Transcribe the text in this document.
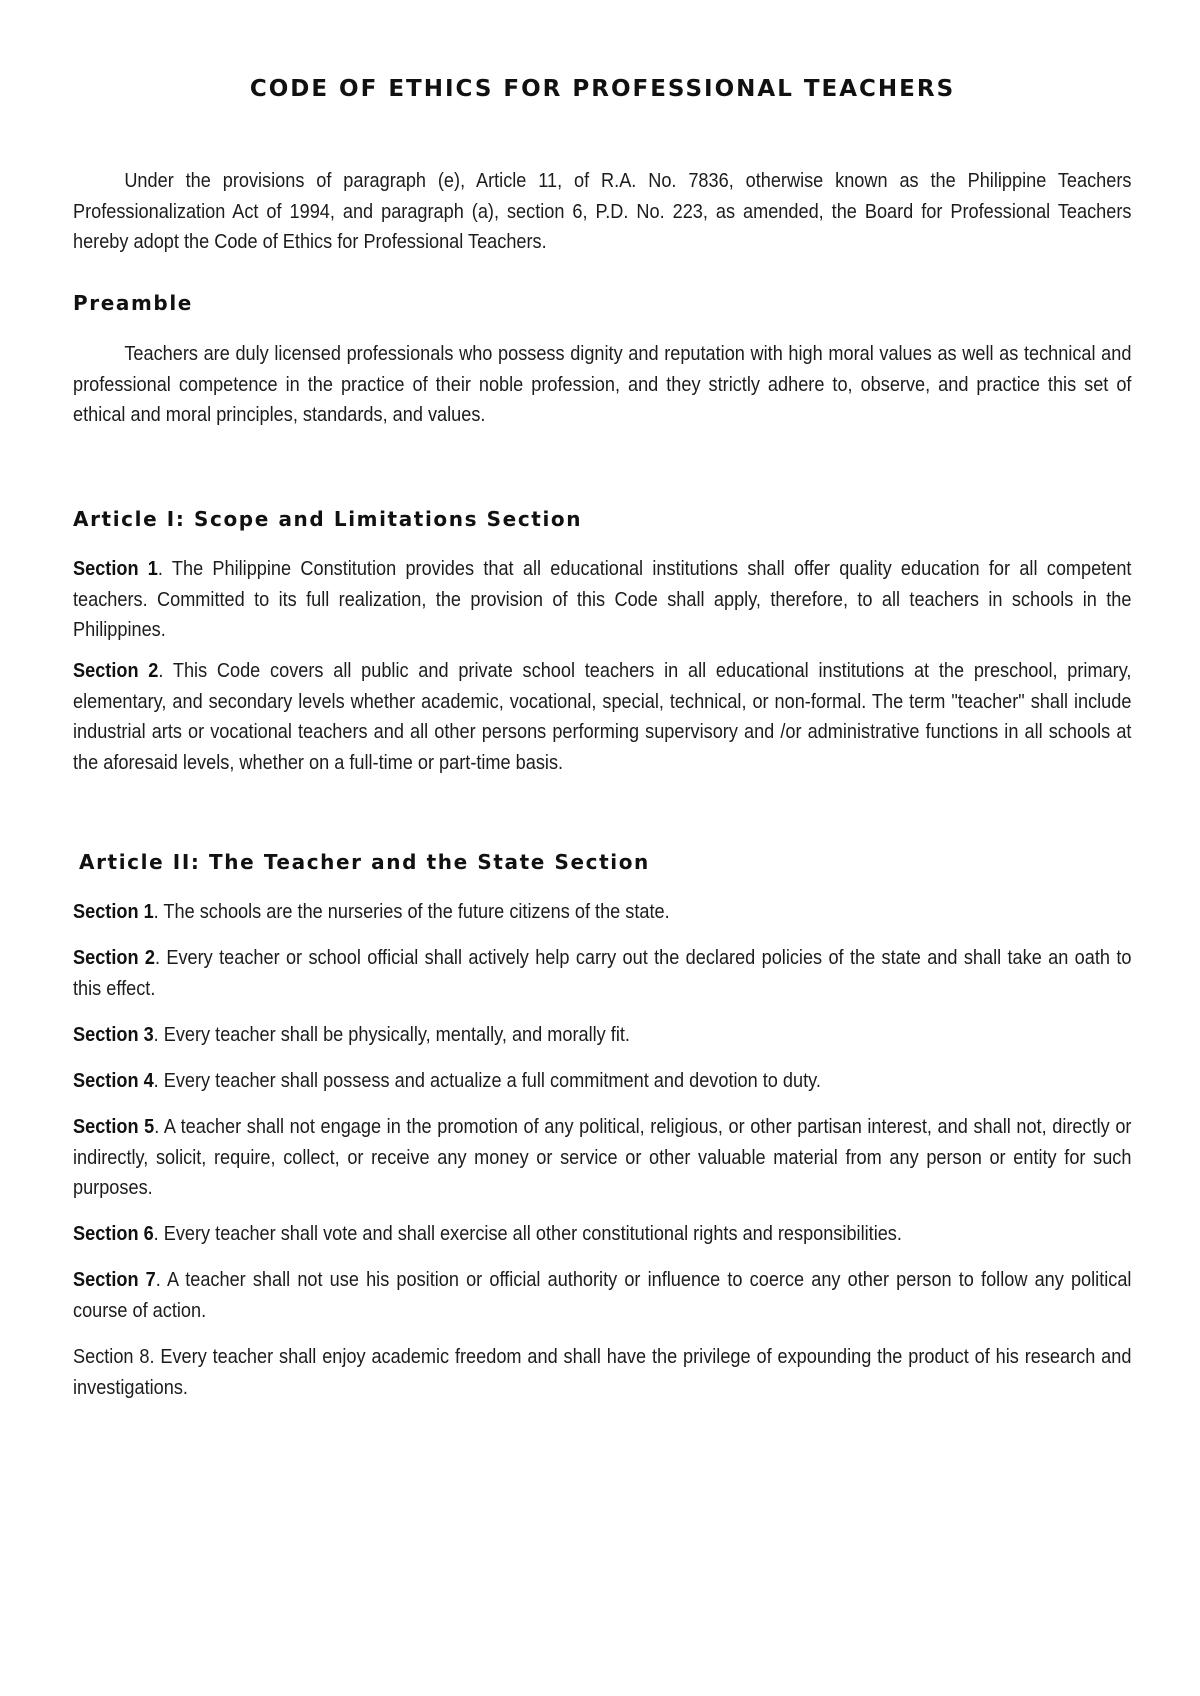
CODE OF ETHICS FOR PROFESSIONAL TEACHERS

Under the provisions of paragraph (e), Article 11, of R.A. No. 7836, otherwise known as the Philippine Teachers Professionalization Act of 1994, and paragraph (a), section 6, P.D. No. 223, as amended, the Board for Professional Teachers hereby adopt the Code of Ethics for Professional Teachers.

Preamble

Teachers are duly licensed professionals who possess dignity and reputation with high moral values as well as technical and professional competence in the practice of their noble profession, and they strictly adhere to, observe, and practice this set of ethical and moral principles, standards, and values.

Article I: Scope and Limitations Section

Section 1. The Philippine Constitution provides that all educational institutions shall offer quality education for all competent teachers. Committed to its full realization, the provision of this Code shall apply, therefore, to all teachers in schools in the Philippines.

Section 2. This Code covers all public and private school teachers in all educational institutions at the preschool, primary, elementary, and secondary levels whether academic, vocational, special, technical, or non-formal. The term "teacher" shall include industrial arts or vocational teachers and all other persons performing supervisory and /or administrative functions in all schools at the aforesaid levels, whether on a full-time or part-time basis.

Article II: The Teacher and the State Section

Section 1. The schools are the nurseries of the future citizens of the state.

Section 2. Every teacher or school official shall actively help carry out the declared policies of the state and shall take an oath to this effect.

Section 3. Every teacher shall be physically, mentally, and morally fit.

Section 4. Every teacher shall possess and actualize a full commitment and devotion to duty.

Section 5. A teacher shall not engage in the promotion of any political, religious, or other partisan interest, and shall not, directly or indirectly, solicit, require, collect, or receive any money or service or other valuable material from any person or entity for such purposes.

Section 6. Every teacher shall vote and shall exercise all other constitutional rights and responsibilities.

Section 7. A teacher shall not use his position or official authority or influence to coerce any other person to follow any political course of action.

Section 8. Every teacher shall enjoy academic freedom and shall have the privilege of expounding the product of his research and investigations.
